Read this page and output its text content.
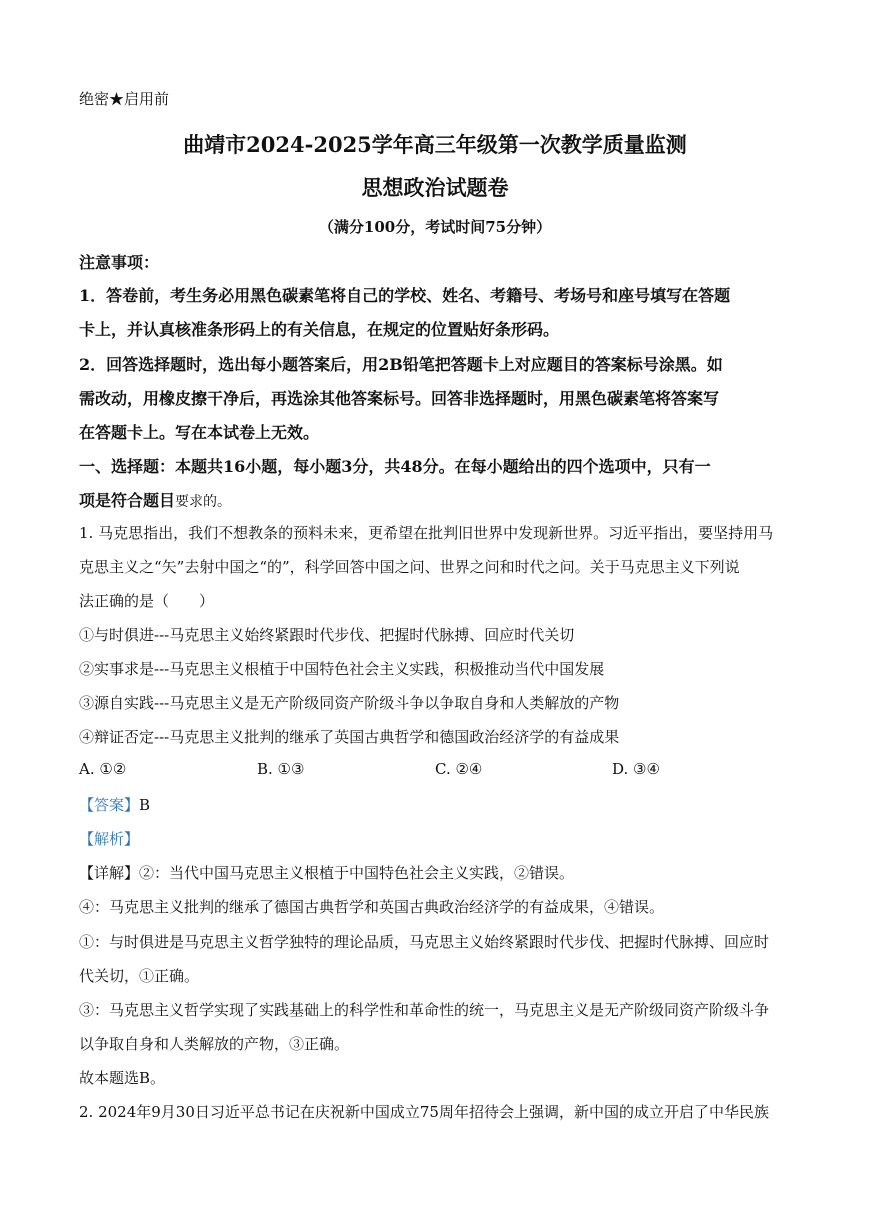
绝密★启用前
曲靖市2024-2025学年高三年级第一次教学质量监测
思想政治试题卷
（满分100分，考试时间75分钟）
注意事项：
1．答卷前，考生务必用黑色碳素笔将自己的学校、姓名、考籍号、考场号和座号填写在答题
卡上，并认真核准条形码上的有关信息，在规定的位置贴好条形码。
2．回答选择题时，选出每小题答案后，用2B铅笔把答题卡上对应题目的答案标号涂黑。如
需改动，用橡皮擦干净后，再选涂其他答案标号。回答非选择题时，用黑色碳素笔将答案写
在答题卡上。写在本试卷上无效。
一、选择题：本题共16小题，每小题3分，共48分。在每小题给出的四个选项中，只有一
项是符合题目要求的。
1. 马克思指出，我们不想教条的预料未来，更希望在批判旧世界中发现新世界。习近平指出，要坚持用马
克思主义之“矢”去射中国之“的”，科学回答中国之问、世界之问和时代之问。关于马克思主义下列说
法正确的是（　　）
①与时俱进---马克思主义始终紧跟时代步伐、把握时代脉搏、回应时代关切
②实事求是---马克思主义根植于中国特色社会主义实践，积极推动当代中国发展
③源自实践---马克思主义是无产阶级同资产阶级斗争以争取自身和人类解放的产物
④辩证否定---马克思主义批判的继承了英国古典哲学和德国政治经济学的有益成果
A. ①②	B. ①③	C. ②④	D. ③④
【答案】B
【解析】
【详解】②：当代中国马克思主义根植于中国特色社会主义实践，②错误。
④：马克思主义批判的继承了德国古典哲学和英国古典政治经济学的有益成果，④错误。
①：与时俱进是马克思主义哲学独特的理论品质，马克思主义始终紧跟时代步伐、把握时代脉搏、回应时
代关切，①正确。
③：马克思主义哲学实现了实践基础上的科学性和革命性的统一，马克思主义是无产阶级同资产阶级斗争
以争取自身和人类解放的产物，③正确。
故本题选B。
2. 2024年9月30日习近平总书记在庆祝新中国成立75周年招待会上强调，新中国的成立开启了中华民族
